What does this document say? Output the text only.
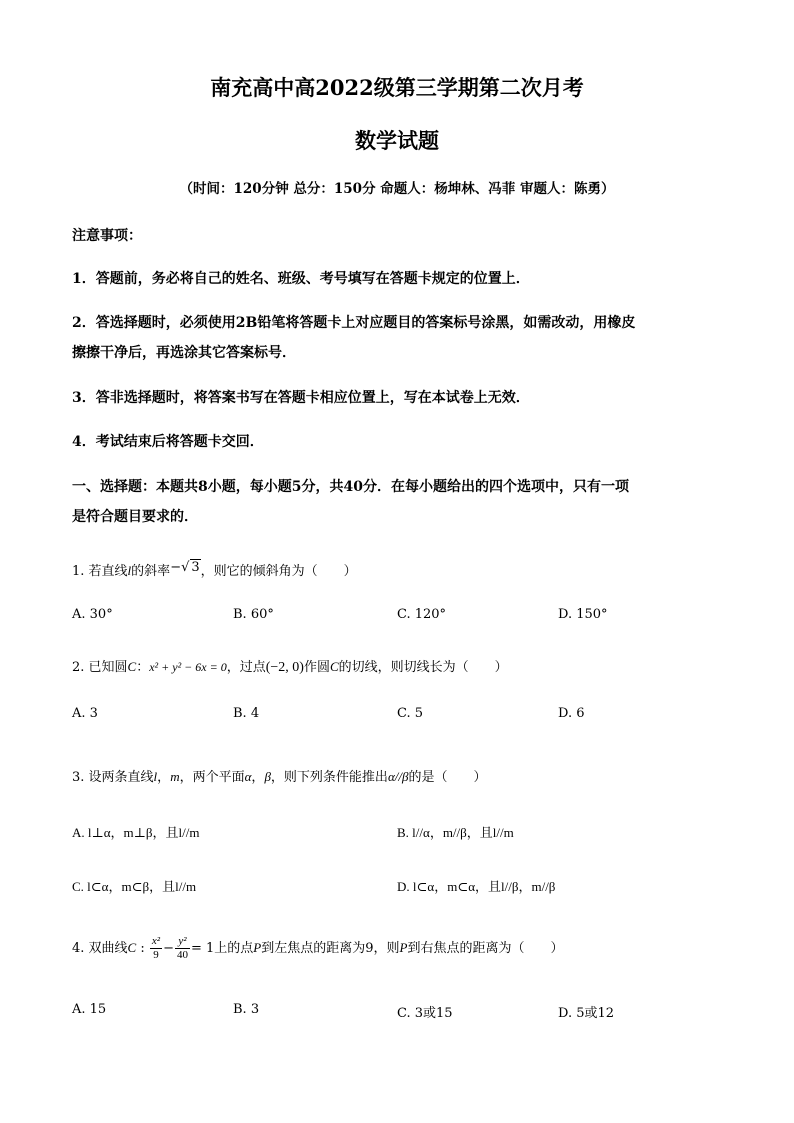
南充高中高2022级第三学期第二次月考
数学试题
（时间：120分钟 总分：150分 命题人：杨坤林、冯菲 审题人：陈勇）
注意事项：
1．答题前，务必将自己的姓名、班级、考号填写在答题卡规定的位置上．
2．答选择题时，必须使用2B铅笔将答题卡上对应题目的答案标号涂黑，如需改动，用橡皮
擦擦干净后，再选涂其它答案标号．
3．答非选择题时，将答案书写在答题卡相应位置上，写在本试卷上无效．
4．考试结束后将答题卡交回．
一、选择题：本题共8小题，每小题5分，共40分．在每小题给出的四个选项中，只有一项
是符合题目要求的．
1. 若直线l的斜率−√ 3，则它的倾斜角为（　　）
A. 30°	B. 60°	C. 120°	D. 150°
2. 已知圆C：x² + y² − 6x = 0，过点(−2, 0)作圆C的切线，则切线长为（　　）
A. 3	B. 4	C. 5	D. 6
3. 设两条直线l，m，两个平面α，β，则下列条件能推出α//β的是（　　）
A. l⊥α，m⊥β，且l//m	B. l//α，m//β，且l//m
C. l⊂α，m⊂β，且l//m	D. l⊂α，m⊂α，且l//β，m//β
4. 双曲线C : $\frac{\text{x²}}{9} - \frac{\text{y²}}{40} = 1$上的点P到左焦点的距离为9，则P到右焦点的距离为（　　）
A. 15	B. 3	C. 3或15	D. 5或12
